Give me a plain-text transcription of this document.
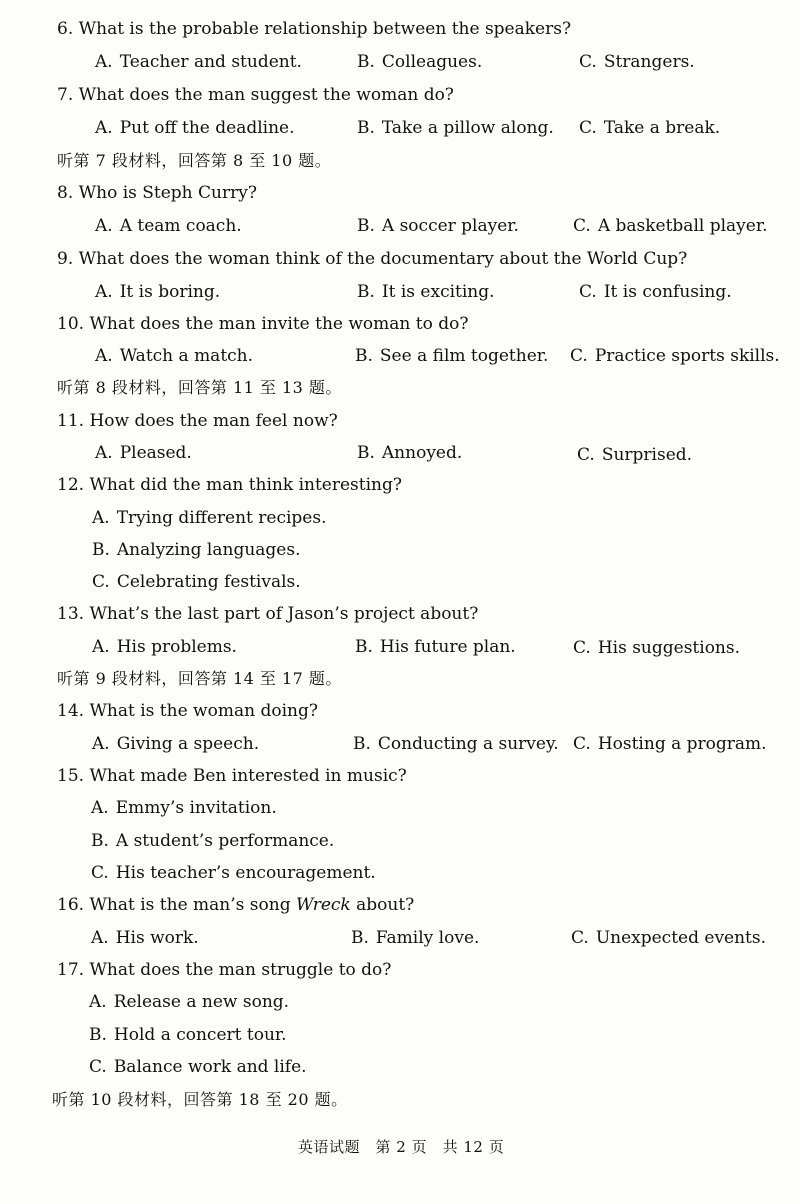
6. What is the probable relationship between the speakers?
A. Teacher and student.	B. Colleagues.	C. Strangers.
7. What does the man suggest the woman do?
A. Put off the deadline.	B. Take a pillow along. C. Take a break.
听第 7 段材料，回答第 8 至 10 题。
8. Who is Steph Curry?
A. A team coach.	B. A soccer player.	C. A basketball player.
9. What does the woman think of the documentary about the World Cup?
A. It is boring.	B. It is exciting.	C. It is confusing.
10. What does the man invite the woman to do?
A. Watch a match.	B. See a film together. C. Practice sports skills.
听第 8 段材料，回答第 11 至 13 题。
11. How does the man feel now?
A. Pleased.	B. Annoyed.	C. Surprised.
12. What did the man think interesting?
A. Trying different recipes.
B. Analyzing languages.
C. Celebrating festivals.
13. What’s the last part of Jason’s project about?
A. His problems.	B. His future plan.	C. His suggestions.
听第 9 段材料，回答第 14 至 17 题。
14. What is the woman doing?
A. Giving a speech.	B. Conducting a survey. C. Hosting a program.
15. What made Ben interested in music?
A. Emmy’s invitation.
B. A student’s performance.
C. His teacher’s encouragement.
16. What is the man’s song Wreck about?
A. His work.	B. Family love.	C. Unexpected events.
17. What does the man struggle to do?
A. Release a new song.
B. Hold a concert tour.
C. Balance work and life.
听第 10 段材料，回答第 18 至 20 题。
英语试题　第 2 页　共 12 页
